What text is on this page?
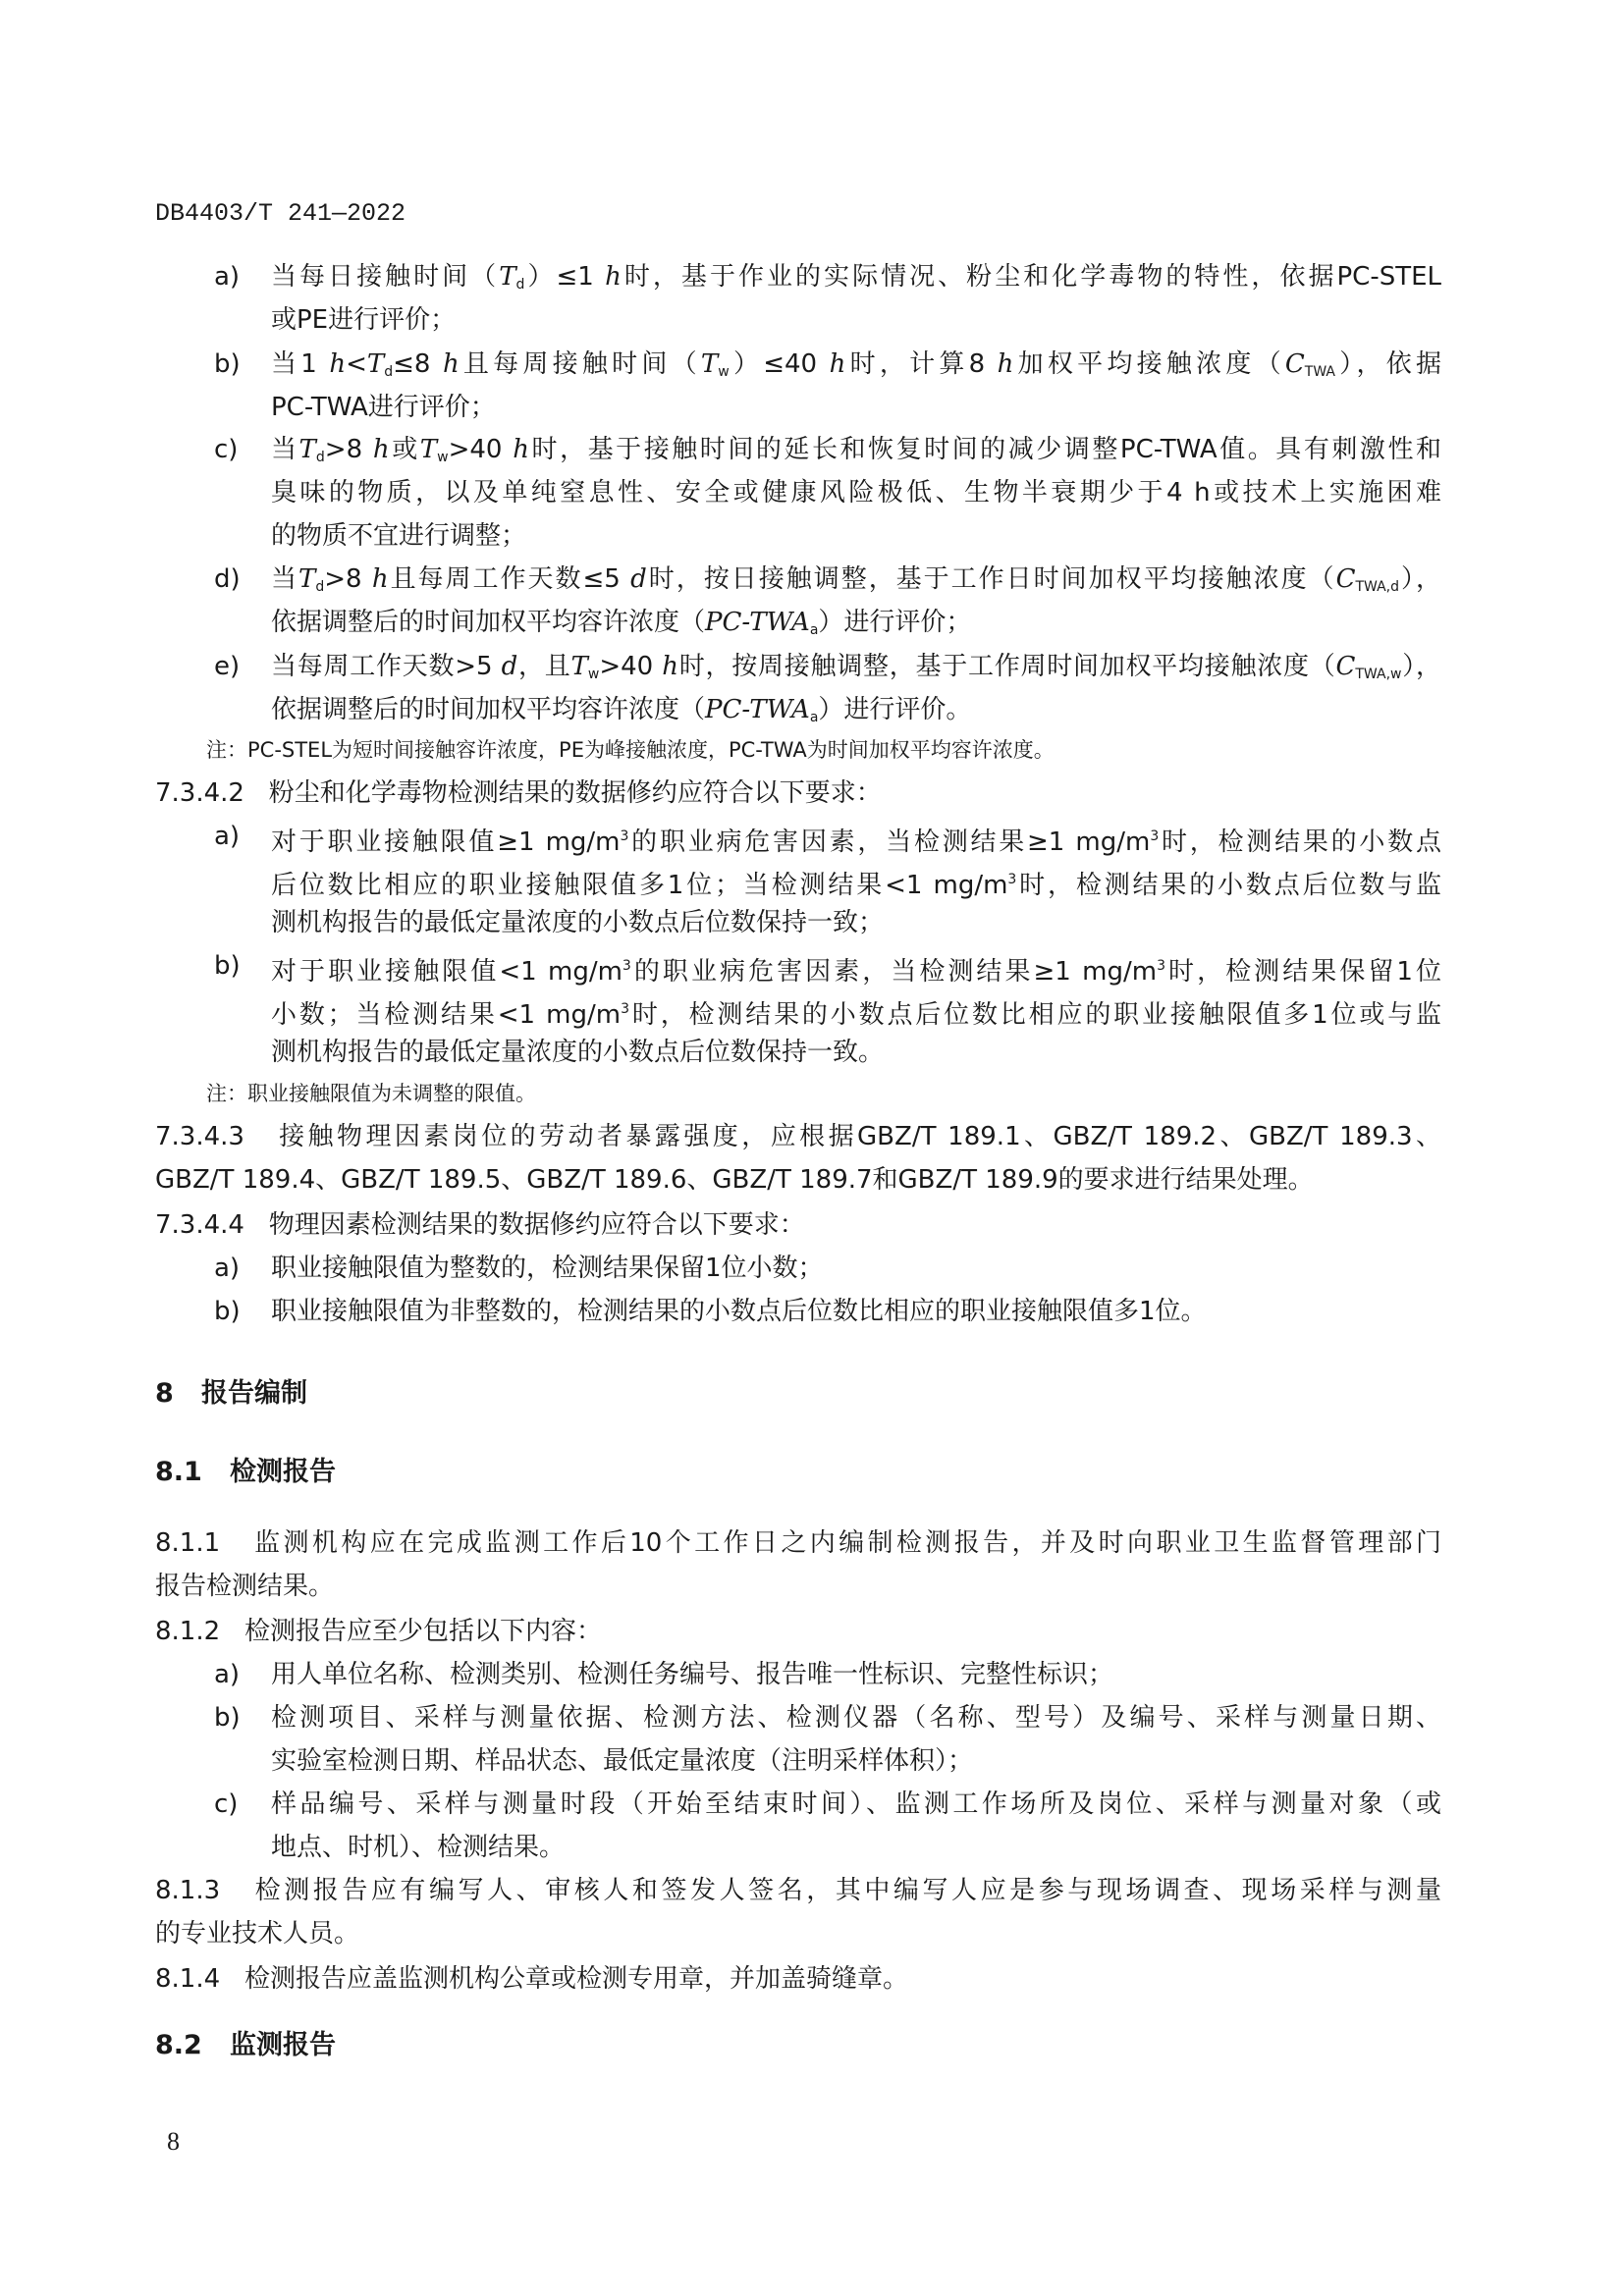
DB4403/T 241—2022
a) 当每日接触时间$(T_d)\le 1$ h时，基于作业的实际情况、粉尘和化学毒物的特性，依据PC-STEL
或PE进行评价；
b) 当1 $h<T_d\le 8$ h且每周接触时间$(T_w)\le 40$ h时，计算8 h加权平均接触浓度$(C_{TWA})$，依据
PC-TWA进行评价；
c) 当$T_d>8$ h或$T_w>40$ h时，基于接触时间的延长和恢复时间的减少调整PC-TWA值。具有刺激性和
臭味的物质，以及单纯窒息性、安全或健康风险极低、生物半衰期少于4 h或技术上实施困难
的物质不宜进行调整；
d) 当$T_d>8$ h且每周工作天数≤5 d时，按日接触调整，基于工作日时间加权平均接触浓度$(C_{TWA,d})$，
依据调整后的时间加权平均容许浓度$(PC-TWA_a)$进行评价；
e) 当每周工作天数>5 d，且$T_w>40$ h时，按周接触调整，基于工作周时间加权平均接触浓度$(C_{TWA,w})$，
依据调整后的时间加权平均容许浓度$(PC-TWA_a)$进行评价。
注：PC-STEL为短时间接触容许浓度，PE为峰接触浓度，PC-TWA为时间加权平均容许浓度。
7.3.4.2 粉尘和化学毒物检测结果的数据修约应符合以下要求：
a) 对于职业接触限值≥1 $mg/m^3$的职业病危害因素，当检测结果≥1 $mg/m^3$时，检测结果的小数点
后位数比相应的职业接触限值多1位；当检测结果<1 $mg/m^3$时，检测结果的小数点后位数与监
测机构报告的最低定量浓度的小数点后位数保持一致；
b) 对于职业接触限值<1 $mg/m^3$的职业病危害因素，当检测结果≥1 $mg/m^3$时，检测结果保留1位
小数；当检测结果<1 $mg/m^3$时，检测结果的小数点后位数比相应的职业接触限值多1位或与监
测机构报告的最低定量浓度的小数点后位数保持一致。
注：职业接触限值为未调整的限值。
7.3.4.3 接触物理因素岗位的劳动者暴露强度，应根据GBZ/T 189.1、GBZ/T 189.2、GBZ/T 189.3、
GBZ/T 189.4、GBZ/T 189.5、GBZ/T 189.6、GBZ/T 189.7和GBZ/T 189.9的要求进行结果处理。
7.3.4.4 物理因素检测结果的数据修约应符合以下要求：
a) 职业接触限值为整数的，检测结果保留1位小数；
b) 职业接触限值为非整数的，检测结果的小数点后位数比相应的职业接触限值多1位。
8 报告编制
8.1 检测报告
8.1.1 监测机构应在完成监测工作后10个工作日之内编制检测报告，并及时向职业卫生监督管理部门
报告检测结果。
8.1.2 检测报告应至少包括以下内容：
a) 用人单位名称、检测类别、检测任务编号、报告唯一性标识、完整性标识；
b) 检测项目、采样与测量依据、检测方法、检测仪器（名称、型号）及编号、采样与测量日期、
实验室检测日期、样品状态、最低定量浓度（注明采样体积）；
c) 样品编号、采样与测量时段（开始至结束时间）、监测工作场所及岗位、采样与测量对象（或
地点、时机）、检测结果。
8.1.3 检测报告应有编写人、审核人和签发人签名，其中编写人应是参与现场调查、现场采样与测量
的专业技术人员。
8.1.4 检测报告应盖监测机构公章或检测专用章，并加盖骑缝章。
8.2 监测报告
8
